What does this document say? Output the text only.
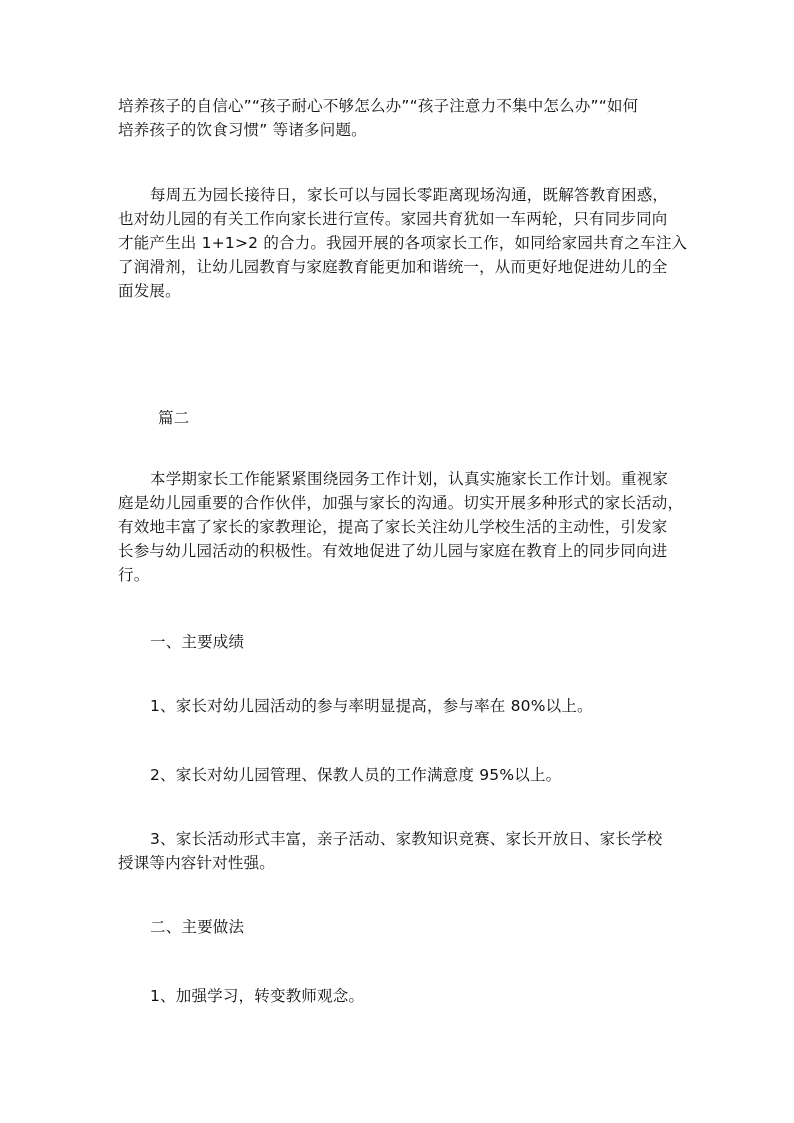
培养孩子的自信心”“孩子耐心不够怎么办”“孩子注意力不集中怎么办”“如何
培养孩子的饮食习惯” 等诸多问题。
每周五为园长接待日，家长可以与园长零距离现场沟通，既解答教育困惑，
也对幼儿园的有关工作向家长进行宣传。家园共育犹如一车两轮，只有同步同向
才能产生出 1+1>2 的合力。我园开展的各项家长工作，如同给家园共育之车注入
了润滑剂，让幼儿园教育与家庭教育能更加和谐统一，从而更好地促进幼儿的全
面发展。
篇二
本学期家长工作能紧紧围绕园务工作计划，认真实施家长工作计划。重视家
庭是幼儿园重要的合作伙伴，加强与家长的沟通。切实开展多种形式的家长活动，
有效地丰富了家长的家教理论，提高了家长关注幼儿学校生活的主动性，引发家
长参与幼儿园活动的积极性。有效地促进了幼儿园与家庭在教育上的同步同向进
行。
一、主要成绩
1、家长对幼儿园活动的参与率明显提高，参与率在 80%以上。
2、家长对幼儿园管理、保教人员的工作满意度 95%以上。
3、家长活动形式丰富，亲子活动、家教知识竞赛、家长开放日、家长学校
授课等内容针对性强。
二、主要做法
1、加强学习，转变教师观念。
